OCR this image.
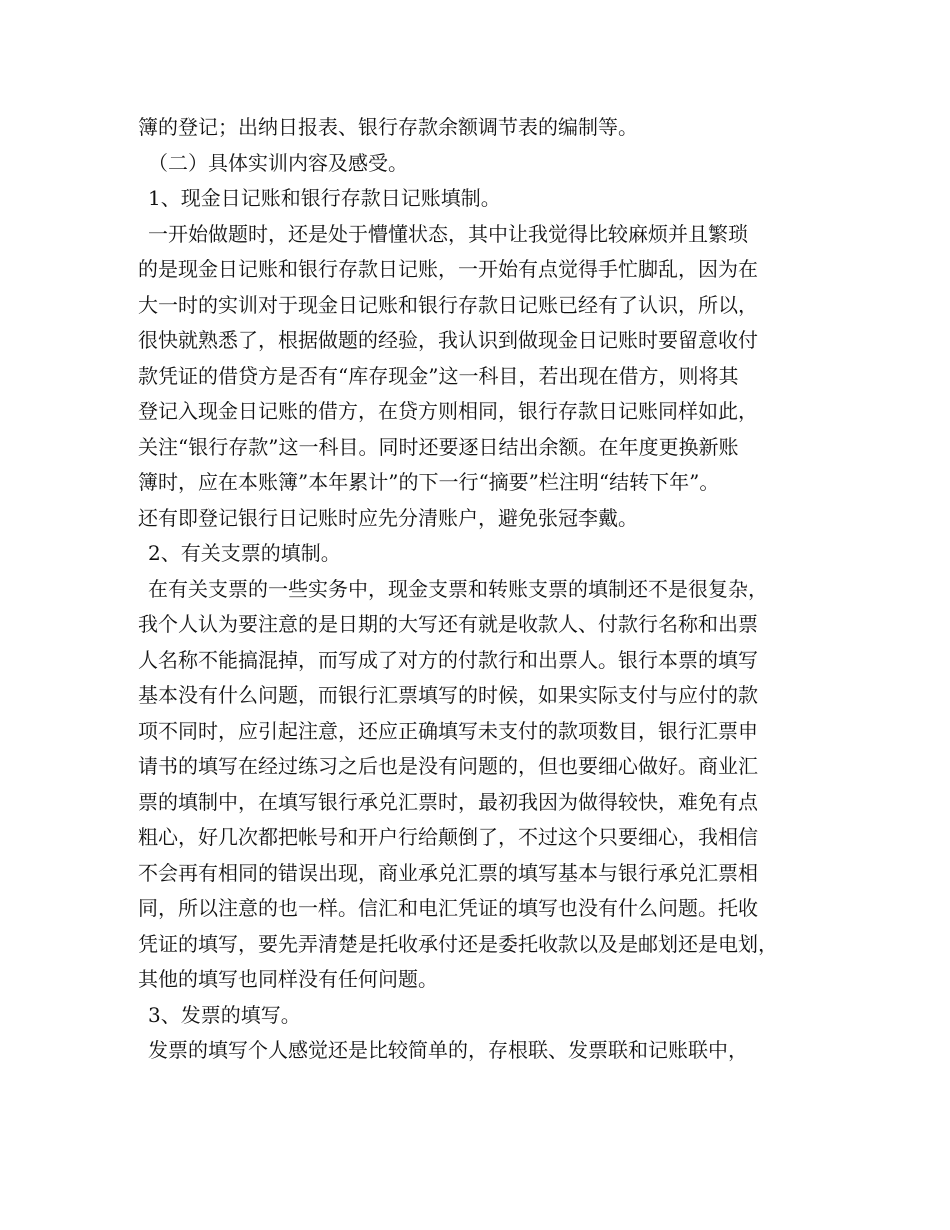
簿的登记；出纳日报表、银行存款余额调节表的编制等。
（二）具体实训内容及感受。
1、现金日记账和银行存款日记账填制。
一开始做题时，还是处于懵懂状态，其中让我觉得比较麻烦并且繁琐
的是现金日记账和银行存款日记账，一开始有点觉得手忙脚乱，因为在
大一时的实训对于现金日记账和银行存款日记账已经有了认识，所以，
很快就熟悉了，根据做题的经验，我认识到做现金日记账时要留意收付
款凭证的借贷方是否有“库存现金”这一科目，若出现在借方，则将其
登记入现金日记账的借方，在贷方则相同，银行存款日记账同样如此，
关注“银行存款”这一科目。同时还要逐日结出余额。在年度更换新账
簿时，应在本账簿”本年累计”的下一行“摘要”栏注明“结转下年”。
还有即登记银行日记账时应先分清账户，避免张冠李戴。
2、有关支票的填制。
在有关支票的一些实务中，现金支票和转账支票的填制还不是很复杂，
我个人认为要注意的是日期的大写还有就是收款人、付款行名称和出票
人名称不能搞混掉，而写成了对方的付款行和出票人。银行本票的填写
基本没有什么问题，而银行汇票填写的时候，如果实际支付与应付的款
项不同时，应引起注意，还应正确填写未支付的款项数目，银行汇票申
请书的填写在经过练习之后也是没有问题的，但也要细心做好。商业汇
票的填制中，在填写银行承兑汇票时，最初我因为做得较快，难免有点
粗心，好几次都把帐号和开户行给颠倒了，不过这个只要细心，我相信
不会再有相同的错误出现，商业承兑汇票的填写基本与银行承兑汇票相
同，所以注意的也一样。信汇和电汇凭证的填写也没有什么问题。托收
凭证的填写，要先弄清楚是托收承付还是委托收款以及是邮划还是电划，
其他的填写也同样没有任何问题。
3、发票的填写。
发票的填写个人感觉还是比较简单的，存根联、发票联和记账联中，
